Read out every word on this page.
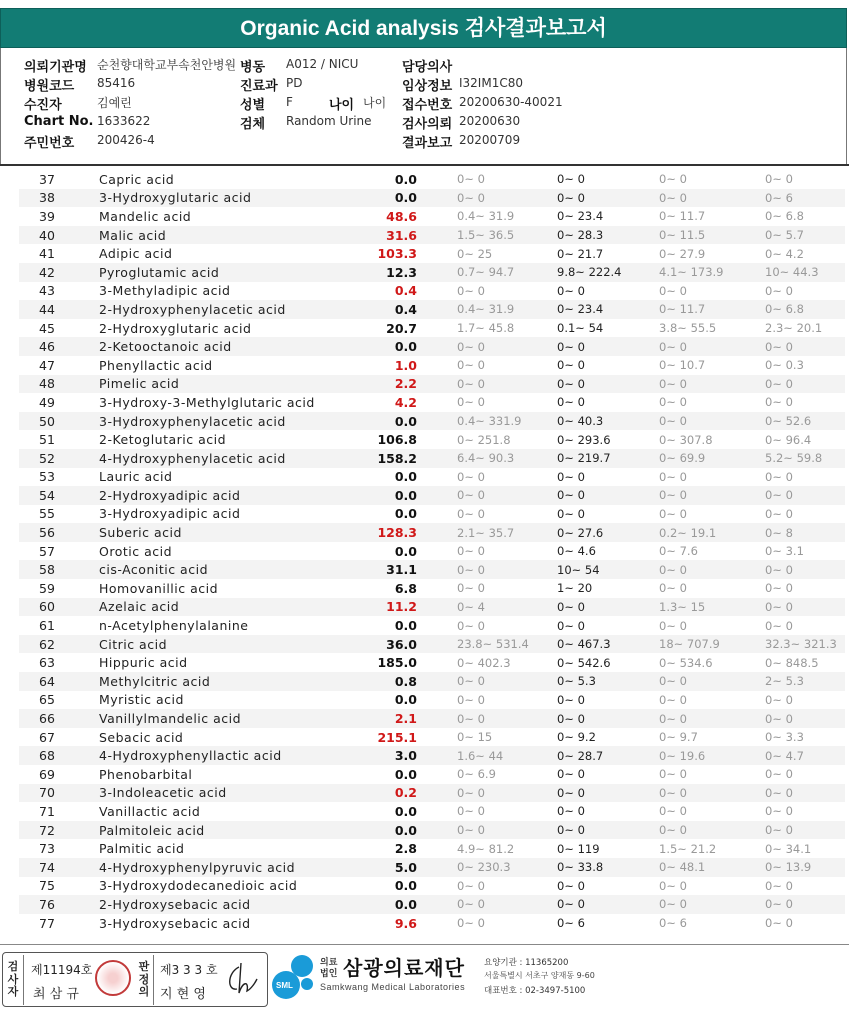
Organic Acid analysis 검사결과보고서
의뢰기관명 순천향대학교부속천안병원 병동 A012 / NICU	담당의사
병원코드 85416	진료과 PD	임상정보 I32IM1C80
수진자	김예린	성별 F	나이 나이 접수번호 20200630-40021
Chart No. 1633622	검체 Random Urine 검사의뢰 20200630
주민번호 200426-4	결과보고 20200709
37	Capric acid	0.0	0~ 0	0~ 0	0~ 0	0~ 0
38	3-Hydroxyglutaric acid	0.0	0~ 0	0~ 0	0~ 0	0~ 6
39	Mandelic acid	48.6	0.4~ 31.9	0~ 23.4	0~ 11.7	0~ 6.8
40	Malic acid	31.6	1.5~ 36.5	0~ 28.3	0~ 11.5	0~ 5.7
41	Adipic acid	103.3	0~ 25	0~ 21.7	0~ 27.9	0~ 4.2
42	Pyroglutamic acid	12.3	0.7~ 94.7	9.8~ 222.4	4.1~ 173.9	10~ 44.3
43	3-Methyladipic acid	0.4	0~ 0	0~ 0	0~ 0	0~ 0
44	2-Hydroxyphenylacetic acid	0.4	0.4~ 31.9	0~ 23.4	0~ 11.7	0~ 6.8
45	2-Hydroxyglutaric acid	20.7	1.7~ 45.8	0.1~ 54	3.8~ 55.5	2.3~ 20.1
46	2-Ketooctanoic acid	0.0	0~ 0	0~ 0	0~ 0	0~ 0
47	Phenyllactic acid	1.0	0~ 0	0~ 0	0~ 10.7	0~ 0.3
48	Pimelic acid	2.2	0~ 0	0~ 0	0~ 0	0~ 0
49	3-Hydroxy-3-Methylglutaric acid	4.2	0~ 0	0~ 0	0~ 0	0~ 0
50	3-Hydroxyphenylacetic acid	0.0	0.4~ 331.9	0~ 40.3	0~ 0	0~ 52.6
51	2-Ketoglutaric acid	106.8	0~ 251.8	0~ 293.6	0~ 307.8	0~ 96.4
52	4-Hydroxyphenylacetic acid	158.2	6.4~ 90.3	0~ 219.7	0~ 69.9	5.2~ 59.8
53	Lauric acid	0.0	0~ 0	0~ 0	0~ 0	0~ 0
54	2-Hydroxyadipic acid	0.0	0~ 0	0~ 0	0~ 0	0~ 0
55	3-Hydroxyadipic acid	0.0	0~ 0	0~ 0	0~ 0	0~ 0
56	Suberic acid	128.3	2.1~ 35.7	0~ 27.6	0.2~ 19.1	0~ 8
57	Orotic acid	0.0	0~ 0	0~ 4.6	0~ 7.6	0~ 3.1
58	cis-Aconitic acid	31.1	0~ 0	10~ 54	0~ 0	0~ 0
59	Homovanillic acid	6.8	0~ 0	1~ 20	0~ 0	0~ 0
60	Azelaic acid	11.2	0~ 4	0~ 0	1.3~ 15	0~ 0
61	n-Acetylphenylalanine	0.0	0~ 0	0~ 0	0~ 0	0~ 0
62	Citric acid	36.0	23.8~ 531.4	0~ 467.3	18~ 707.9	32.3~ 321.3
63	Hippuric acid	185.0	0~ 402.3	0~ 542.6	0~ 534.6	0~ 848.5
64	Methylcitric acid	0.8	0~ 0	0~ 5.3	0~ 0	2~ 5.3
65	Myristic acid	0.0	0~ 0	0~ 0	0~ 0	0~ 0
66	Vanillylmandelic acid	2.1	0~ 0	0~ 0	0~ 0	0~ 0
67	Sebacic acid	215.1	0~ 15	0~ 9.2	0~ 9.7	0~ 3.3
68	4-Hydroxyphenyllactic acid	3.0	1.6~ 44	0~ 28.7	0~ 19.6	0~ 4.7
69	Phenobarbital	0.0	0~ 6.9	0~ 0	0~ 0	0~ 0
70	3-Indoleacetic acid	0.2	0~ 0	0~ 0	0~ 0	0~ 0
71	Vanillactic acid	0.0	0~ 0	0~ 0	0~ 0	0~ 0
72	Palmitoleic acid	0.0	0~ 0	0~ 0	0~ 0	0~ 0
73	Palmitic acid	2.8	4.9~ 81.2	0~ 119	1.5~ 21.2	0~ 34.1
74	4-Hydroxyphenylpyruvic acid	5.0	0~ 230.3	0~ 33.8	0~ 48.1	0~ 13.9
75	3-Hydroxydodecanedioic acid	0.0	0~ 0	0~ 0	0~ 0	0~ 0
76	2-Hydroxysebacic acid	0.0	0~ 0	0~ 0	0~ 0	0~ 0
77	3-Hydroxysebacic acid	9.6	0~ 0	0~ 6	0~ 6	0~ 0
검사자
제11194호
최 삼 규
판정의
제3 3 3 호
지 현 영
SML
의료
법인 삼광의료재단
Samkwang Medical Laboratories
요양기관 : 11365200
서울특별시 서초구 양재동 9-60
대표번호 : 02-3497-5100
